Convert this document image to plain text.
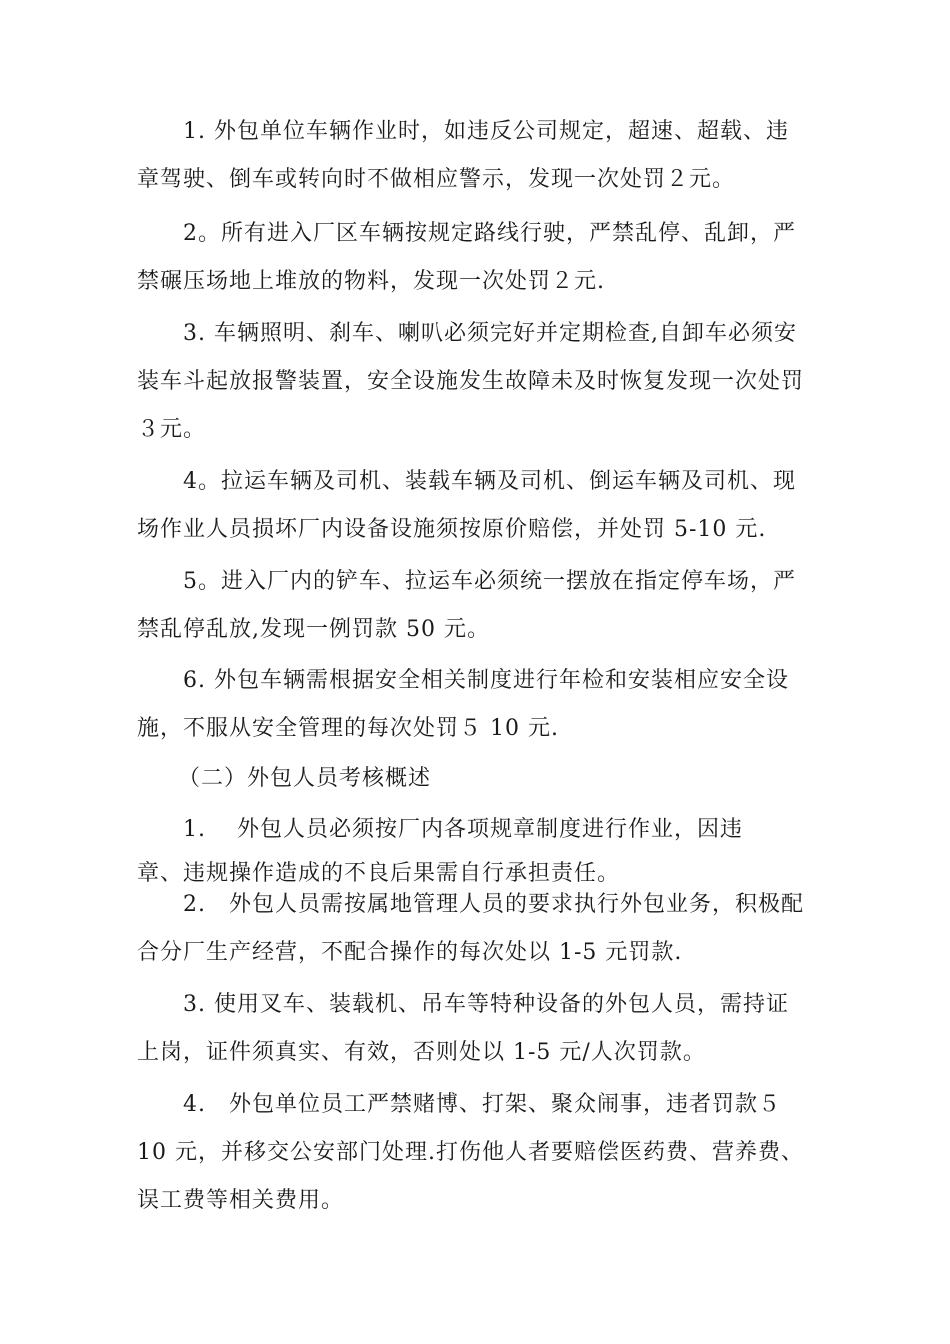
　　1. 外包单位车辆作业时，如违反公司规定，超速、超载、违
章驾驶、倒车或转向时不做相应警示，发现一次处罚２元。

　　2。所有进入厂区车辆按规定路线行驶，严禁乱停、乱卸，严
禁碾压场地上堆放的物料，发现一次处罚２元.

　　3. 车辆照明、刹车、喇叭必须完好并定期检查,自卸车必须安
装车斗起放报警装置，安全设施发生故障未及时恢复发现一次处罚
３元。

　　4。拉运车辆及司机、装载车辆及司机、倒运车辆及司机、现
场作业人员损坏厂内设备设施须按原价赔偿，并处罚 5-10 元.

　　5。进入厂内的铲车、拉运车必须统一摆放在指定停车场，严
禁乱停乱放,发现一例罚款 50 元。

　　6. 外包车辆需根据安全相关制度进行年检和安装相应安全设
施，不服从安全管理的每次处罚５ 10 元.

（二）外包人员考核概述

　　1.　 外包人员必须按厂内各项规章制度进行作业，因违
章、违规操作造成的不良后果需自行承担责任。

　　2.　外包人员需按属地管理人员的要求执行外包业务，积极配
合分厂生产经营，不配合操作的每次处以 1-5 元罚款.

　　3. 使用叉车、装载机、吊车等特种设备的外包人员，需持证
上岗，证件须真实、有效，否则处以 1-5 元/人次罚款。

　　4.　外包单位员工严禁赌博、打架、聚众闹事，违者罚款５
10 元，并移交公安部门处理.打伤他人者要赔偿医药费、营养费、
误工费等相关费用。
